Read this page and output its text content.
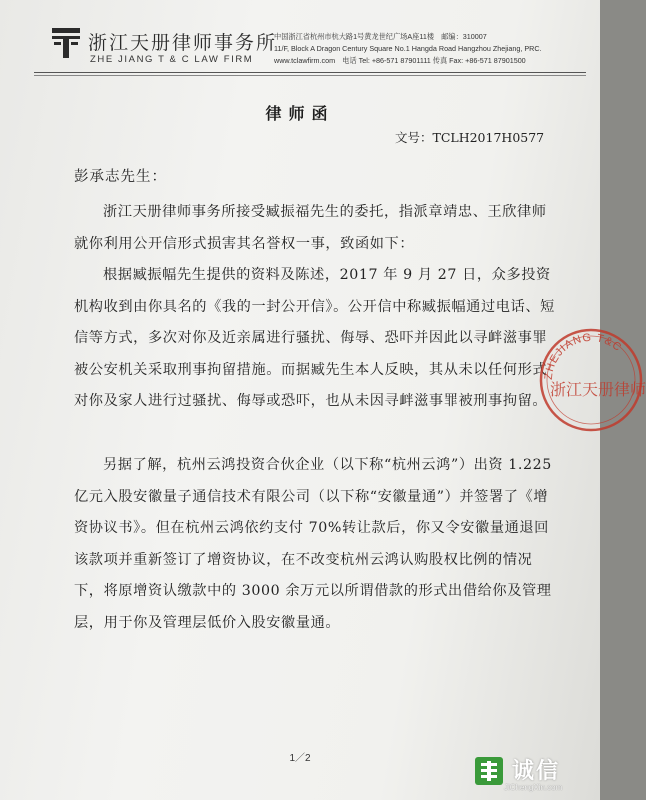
浙江天册律师事务所
ZHE JIANG T & C LAW FIRM
中国浙江省杭州市杭大路1号黄龙世纪广场A座11楼　邮编：310007
11/F, Block A Dragon Century Square No.1 Hangda Road Hangzhou Zhejiang, PRC.
www.tclawfirm.com　电话 Tel: +86-571 87901111 传真 Fax: +86-571 87901500
律师函
文号：TCLH2017H0577
彭承志先生：

浙江天册律师事务所接受臧振福先生的委托，指派章靖忠、王欣律师就你利用公开信形式损害其名誉权一事，致函如下：

根据臧振幅先生提供的资料及陈述，2017 年 9 月 27 日，众多投资机构收到由你具名的《我的一封公开信》。公开信中称臧振幅通过电话、短信等方式，多次对你及近亲属进行骚扰、侮辱、恐吓并因此以寻衅滋事罪被公安机关采取刑事拘留措施。而据臧先生本人反映，其从未以任何形式对你及家人进行过骚扰、侮辱或恐吓，也从未因寻衅滋事罪被刑事拘留。

另据了解，杭州云鸿投资合伙企业（以下称“杭州云鸿”）出资 1.225 亿元入股安徽量子通信技术有限公司（以下称“安徽量通”）并签署了《增资协议书》。但在杭州云鸿依约支付 70%转让款后，你又令安徽量通退回该款项并重新签订了增资协议，在不改变杭州云鸿认购股权比例的情况下，将原增资认缴款中的 3000 余万元以所谓借款的形式出借给你及管理层，用于你及管理层低价入股安徽量通。

ZHEJIANG T&C
浙江天册律师
1／2
诚信
JiChengXin.com
